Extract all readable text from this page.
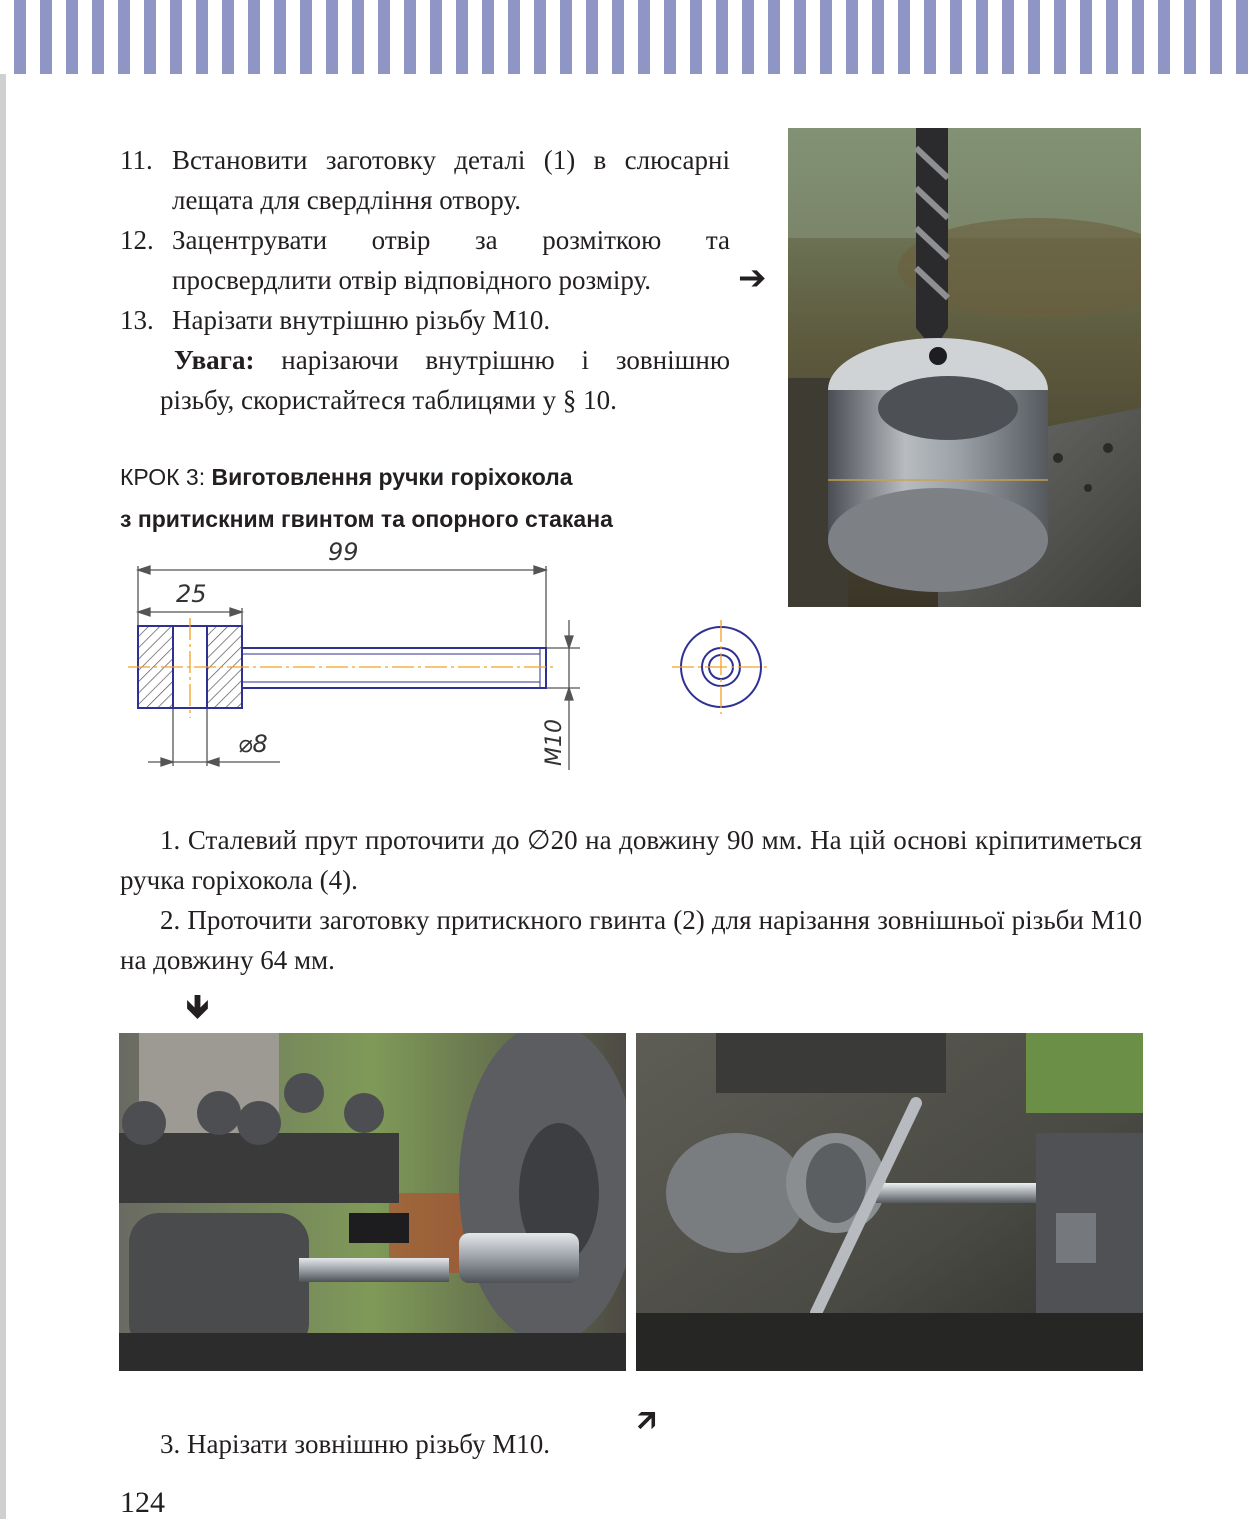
11. Встановити заготовку деталі (1) в слюсарні лещата для свердління отвору.
12. Зацентрувати отвір за розміткою та просвердлити отвір відповідного розміру.
13. Нарізати внутрішню різьбу М10.
Увага: нарізаючи внутрішню і зовнішню різьбу, скористайтеся таблицями у § 10.
➔
КРОК 3: Виготовлення ручки горіхокола
з притискним гвинтом та опорного стакана
99
25
⌀8	М10
1. Сталевий прут проточити до ∅20 на довжину 90 мм. На цій основі кріпитиметься ручка горіхокола (4).
2. Проточити заготовку притискного гвинта (2) для нарізання зовнішньої різьби М10 на довжину 64 мм.
🡻
🡭
3. Нарізати зовнішню різьбу М10.
124
